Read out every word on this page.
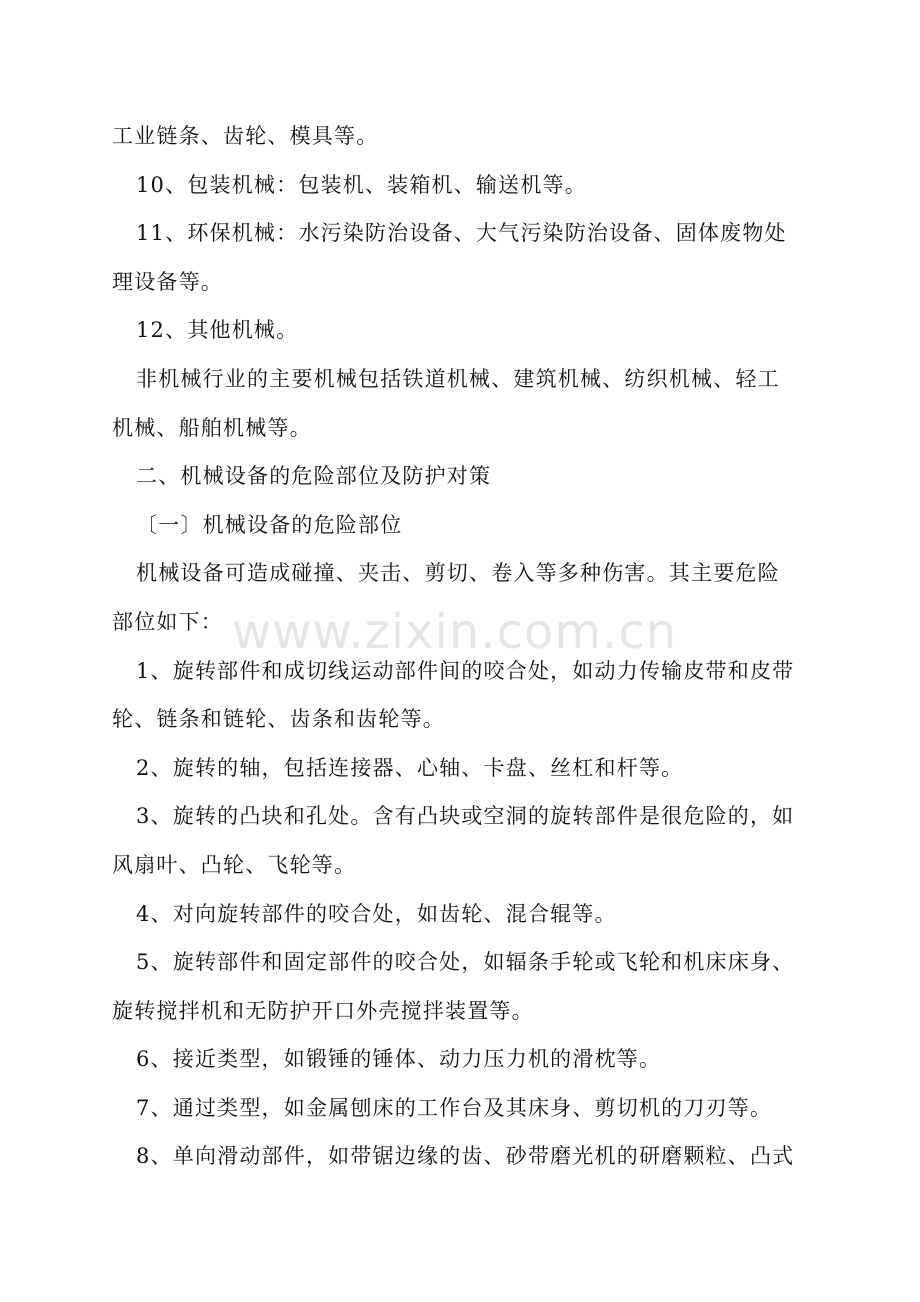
工业链条、齿轮、模具等。
10、包装机械：包装机、装箱机、输送机等。
11、环保机械：水污染防治设备、大气污染防治设备、固体废物处
理设备等。
12、其他机械。
非机械行业的主要机械包括铁道机械、建筑机械、纺织机械、轻工
机械、船舶机械等。
二、机械设备的危险部位及防护对策
〔一〕机械设备的危险部位
机械设备可造成碰撞、夹击、剪切、卷入等多种伤害。其主要危险
部位如下：
1、旋转部件和成切线运动部件间的咬合处，如动力传输皮带和皮带
轮、链条和链轮、齿条和齿轮等。
2、旋转的轴，包括连接器、心轴、卡盘、丝杠和杆等。
3、旋转的凸块和孔处。含有凸块或空洞的旋转部件是很危险的，如
风扇叶、凸轮、飞轮等。
4、对向旋转部件的咬合处，如齿轮、混合辊等。
5、旋转部件和固定部件的咬合处，如辐条手轮或飞轮和机床床身、
旋转搅拌机和无防护开口外壳搅拌装置等。
6、接近类型，如锻锤的锤体、动力压力机的滑枕等。
7、通过类型，如金属刨床的工作台及其床身、剪切机的刀刃等。
8、单向滑动部件，如带锯边缘的齿、砂带磨光机的研磨颗粒、凸式
www.zixin.com.cn
